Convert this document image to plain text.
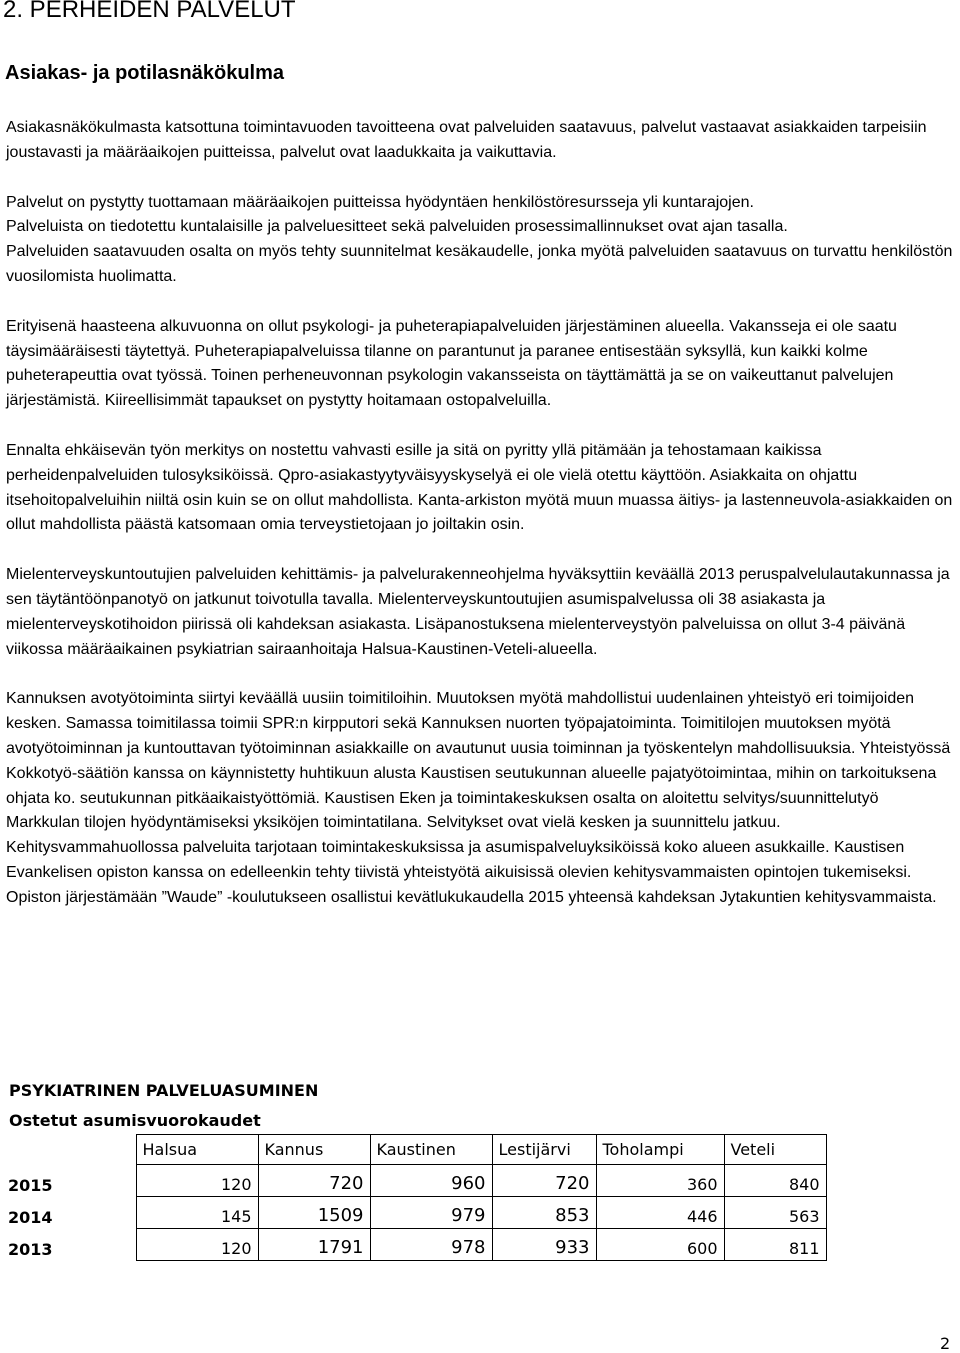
2. PERHEIDEN PALVELUT
Asiakas- ja potilasnäkökulma

Asiakasnäkökulmasta katsottuna toimintavuoden tavoitteena ovat palveluiden saatavuus, palvelut vastaavat asiakkaiden tarpeisiin joustavasti ja määräaikojen puitteissa, palvelut ovat laadukkaita ja vaikuttavia.

Palvelut on pystytty tuottamaan määräaikojen puitteissa hyödyntäen henkilöstöresursseja yli kuntarajojen.
Palveluista on tiedotettu kuntalaisille ja palveluesitteet sekä palveluiden prosessimallinnukset ovat ajan tasalla.
Palveluiden saatavuuden osalta on myös tehty suunnitelmat kesäkaudelle, jonka myötä palveluiden saatavuus on turvattu henkilöstön vuosilomista huolimatta.

Erityisenä haasteena alkuvuonna on ollut psykologi- ja puheterapiapalveluiden järjestäminen alueella. Vakansseja ei ole saatu täysimääräisesti täytettyä. Puheterapiapalveluissa tilanne on parantunut ja paranee entisestään syksyllä, kun kaikki kolme puheterapeuttia ovat työssä. Toinen perheneuvonnan psykologin vakansseista on täyttämättä ja se on vaikeuttanut palvelujen järjestämistä. Kiireellisimmät tapaukset on pystytty hoitamaan ostopalveluilla.

Ennalta ehkäisevän työn merkitys on nostettu vahvasti esille ja sitä on pyritty yllä pitämään ja tehostamaan kaikissa perheidenpalveluiden tulosyksiköissä. Qpro-asiakastyytyväisyyskyselyä ei ole vielä otettu käyttöön. Asiakkaita on ohjattu itsehoitopalveluihin niiltä osin kuin se on ollut mahdollista. Kanta-arkiston myötä muun muassa äitiys- ja lastenneuvola-asiakkaiden on ollut mahdollista päästä katsomaan omia terveystietojaan jo joiltakin osin.

Mielenterveyskuntoutujien palveluiden kehittämis- ja palvelurakenneohjelma hyväksyttiin keväällä 2013 peruspalvelulautakunnassa ja sen täytäntöönpanotyö on jatkunut toivotulla tavalla. Mielenterveyskuntoutujien asumispalvelussa oli 38 asiakasta ja mielenterveyskotihoidon piirissä oli kahdeksan asiakasta. Lisäpanostuksena mielenterveystyön palveluissa on ollut 3-4 päivänä viikossa määräaikainen psykiatrian sairaanhoitaja Halsua-Kaustinen-Veteli-alueella.

Kannuksen avotyötoiminta siirtyi keväällä uusiin toimitiloihin. Muutoksen myötä mahdollistui uudenlainen yhteistyö eri toimijoiden kesken. Samassa toimitilassa toimii SPR:n kirpputori sekä Kannuksen nuorten työpajatoiminta. Toimitilojen muutoksen myötä avotyötoiminnan ja kuntouttavan työtoiminnan asiakkaille on avautunut uusia toiminnan ja työskentelyn mahdollisuuksia. Yhteistyössä Kokkotyö-säätiön kanssa on käynnistetty huhtikuun alusta Kaustisen seutukunnan alueelle pajatyötoimintaa, mihin on tarkoituksena ohjata ko. seutukunnan pitkäaikaistyöttömiä. Kaustisen Eken ja toimintakeskuksen osalta on aloitettu selvitys/suunnittelutyö Markkulan tilojen hyödyntämiseksi yksiköjen toimintatilana. Selvitykset ovat vielä kesken ja suunnittelu jatkuu. Kehitysvammahuollossa palveluita tarjotaan toimintakeskuksissa ja asumispalveluyksiköissä koko alueen asukkaille. Kaustisen Evankelisen opiston kanssa on edelleenkin tehty tiivistä yhteistyötä aikuisissä olevien kehitysvammaisten opintojen tukemiseksi. Opiston järjestämään ”Waude” -koulutukseen osallistui kevätlukukaudella 2015 yhteensä kahdeksan Jytakuntien kehitysvammaista.

PSYKIATRINEN PALVELUASUMINEN
Ostetut asumisvuorokaudet
	Halsua	Kannus	Kaustinen	Lestijärvi	Toholampi	Veteli
2015	120	720	960	720	360	840
2014	145	1509	979	853	446	563
2013	120	1791	978	933	600	811
2
